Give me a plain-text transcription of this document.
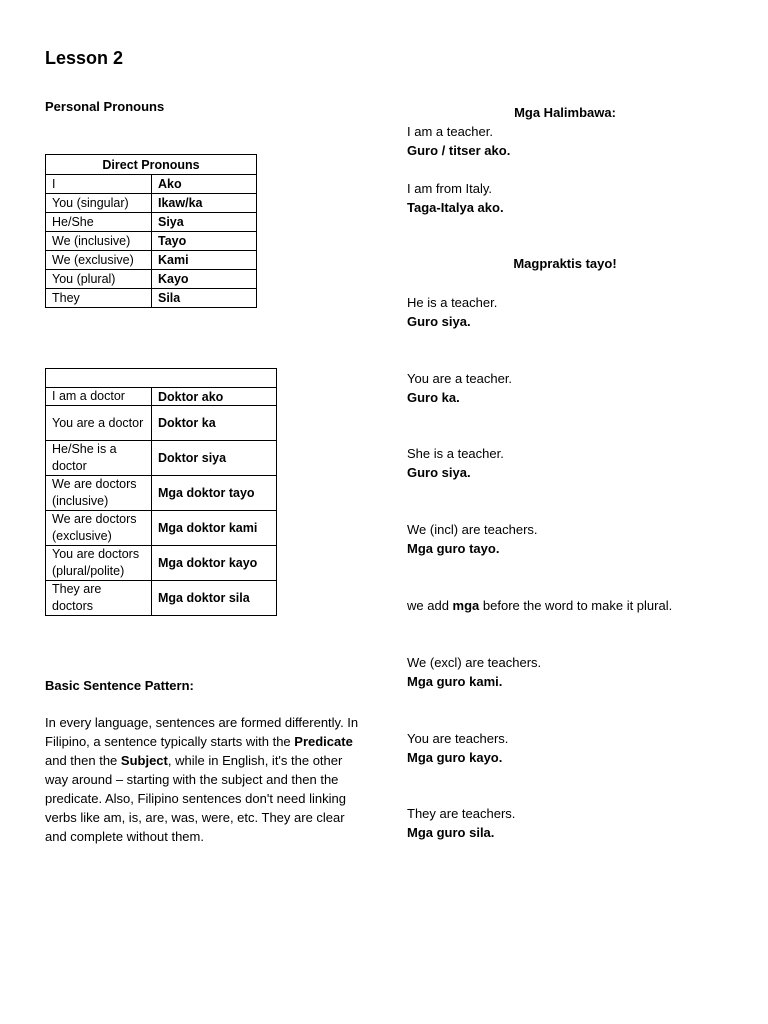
Lesson 2
Personal Pronouns
Direct Pronouns	
I	Ako
You (singular)	Ikaw/ka
He/She	Siya
We (inclusive)	Tayo
We (exclusive)	Kami
You (plural)	Kayo
They	Sila

I am a doctor	Doktor ako
You are a doctor	Doktor ka
He/She is a doctor	Doktor siya
We are doctors (inclusive)	Mga doktor tayo
We are doctors (exclusive)	Mga doktor kami
You are doctors (plural/polite)	Mga doktor kayo
They are doctors	Mga doktor sila
Basic Sentence Pattern:
In every language, sentences are formed differently. In Filipino, a sentence typically starts with the Predicate and then the Subject, while in English, it's the other way around – starting with the subject and then the predicate. Also, Filipino sentences don't need linking verbs like am, is, are, was, were, etc. They are clear and complete without them.
Mga Halimbawa:
I am a teacher.
Guro / titser ako.
I am from Italy.
Taga-Italya ako.
Magpraktis tayo!
He is a teacher.
Guro siya.
You are a teacher.
Guro ka.
She is a teacher.
Guro siya.
We (incl) are teachers.
Mga guro tayo.
we add mga before the word to make it plural.
We (excl) are teachers.
Mga guro kami.
You are teachers.
Mga guro kayo.
They are teachers.
Mga guro sila.
